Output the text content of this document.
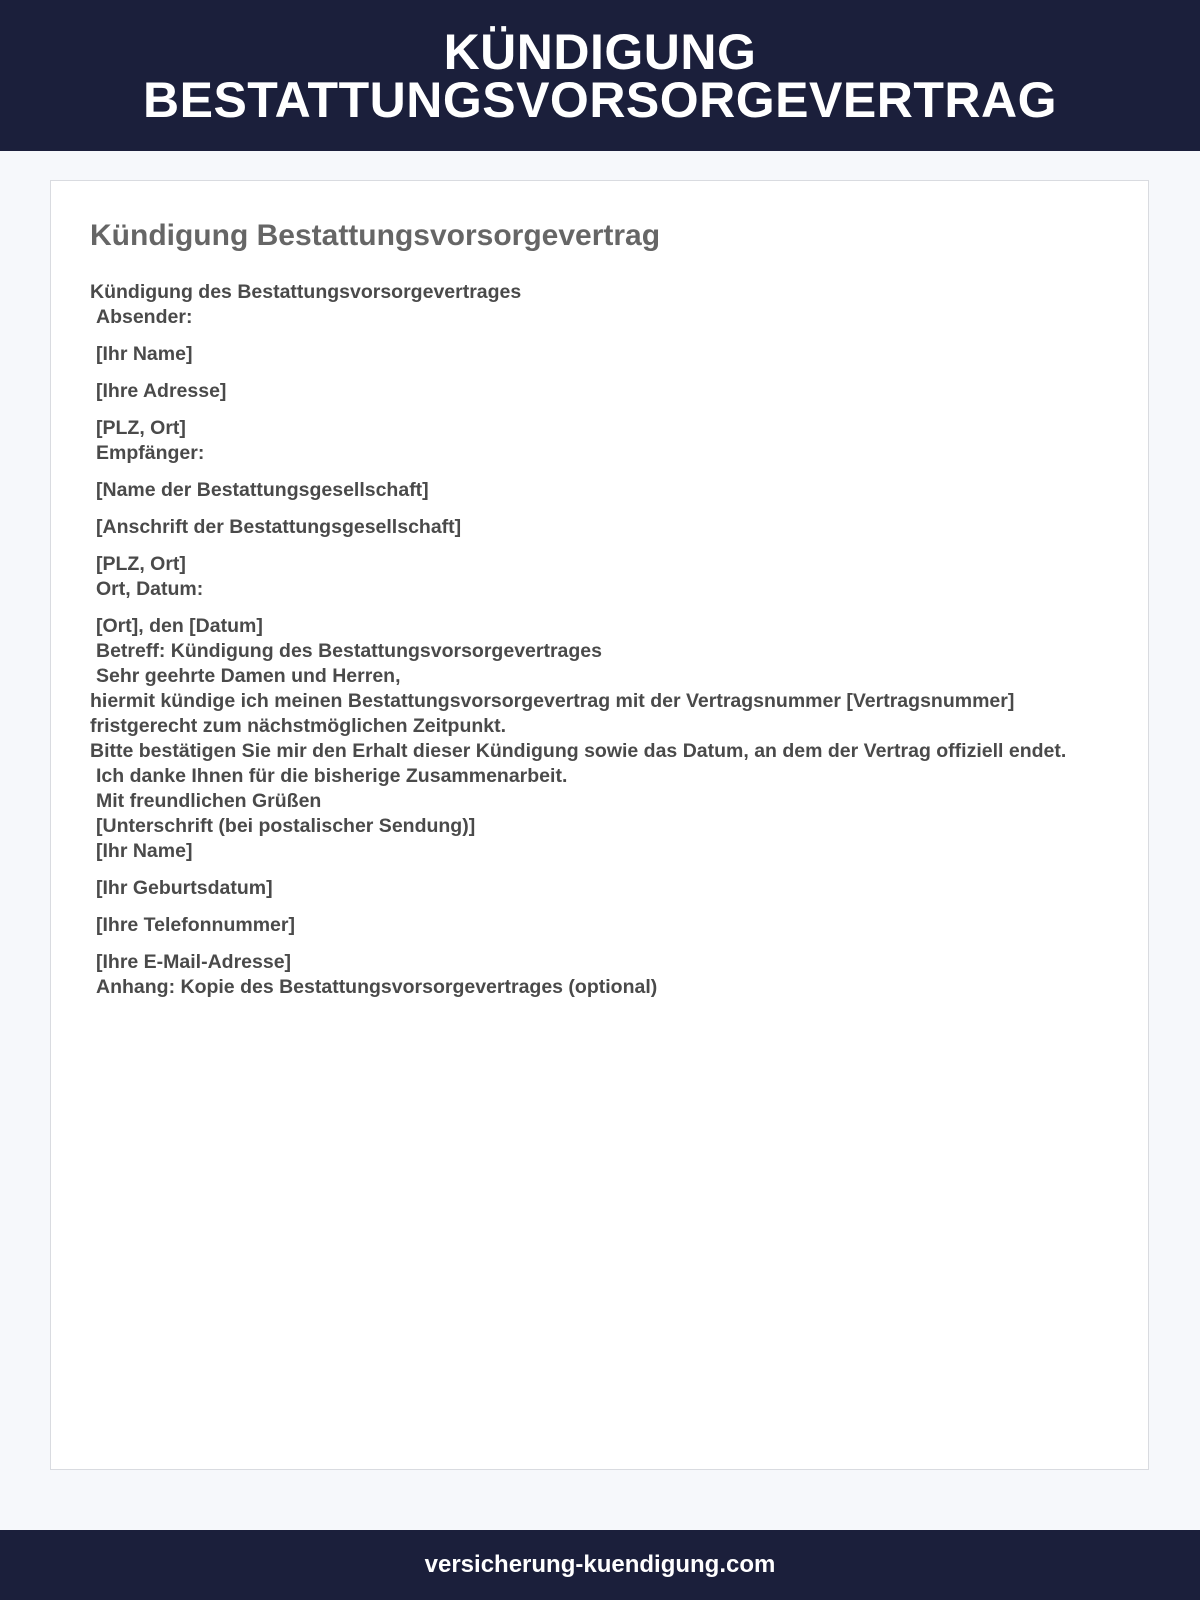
KÜNDIGUNG
BESTATTUNGSVORSORGEVERTRAG
Kündigung Bestattungsvorsorgevertrag
Kündigung des Bestattungsvorsorgevertrages
Absender:
[Ihr Name]
[Ihre Adresse]
[PLZ, Ort]
Empfänger:
[Name der Bestattungsgesellschaft]
[Anschrift der Bestattungsgesellschaft]
[PLZ, Ort]
Ort, Datum:
[Ort], den [Datum]
Betreff: Kündigung des Bestattungsvorsorgevertrages
Sehr geehrte Damen und Herren,
hiermit kündige ich meinen Bestattungsvorsorgevertrag mit der Vertragsnummer [Vertragsnummer]
fristgerecht zum nächstmöglichen Zeitpunkt.
Bitte bestätigen Sie mir den Erhalt dieser Kündigung sowie das Datum, an dem der Vertrag offiziell endet.
Ich danke Ihnen für die bisherige Zusammenarbeit.
Mit freundlichen Grüßen
[Unterschrift (bei postalischer Sendung)]
[Ihr Name]
[Ihr Geburtsdatum]
[Ihre Telefonnummer]
[Ihre E-Mail-Adresse]
Anhang: Kopie des Bestattungsvorsorgevertrages (optional)
versicherung-kuendigung.com
